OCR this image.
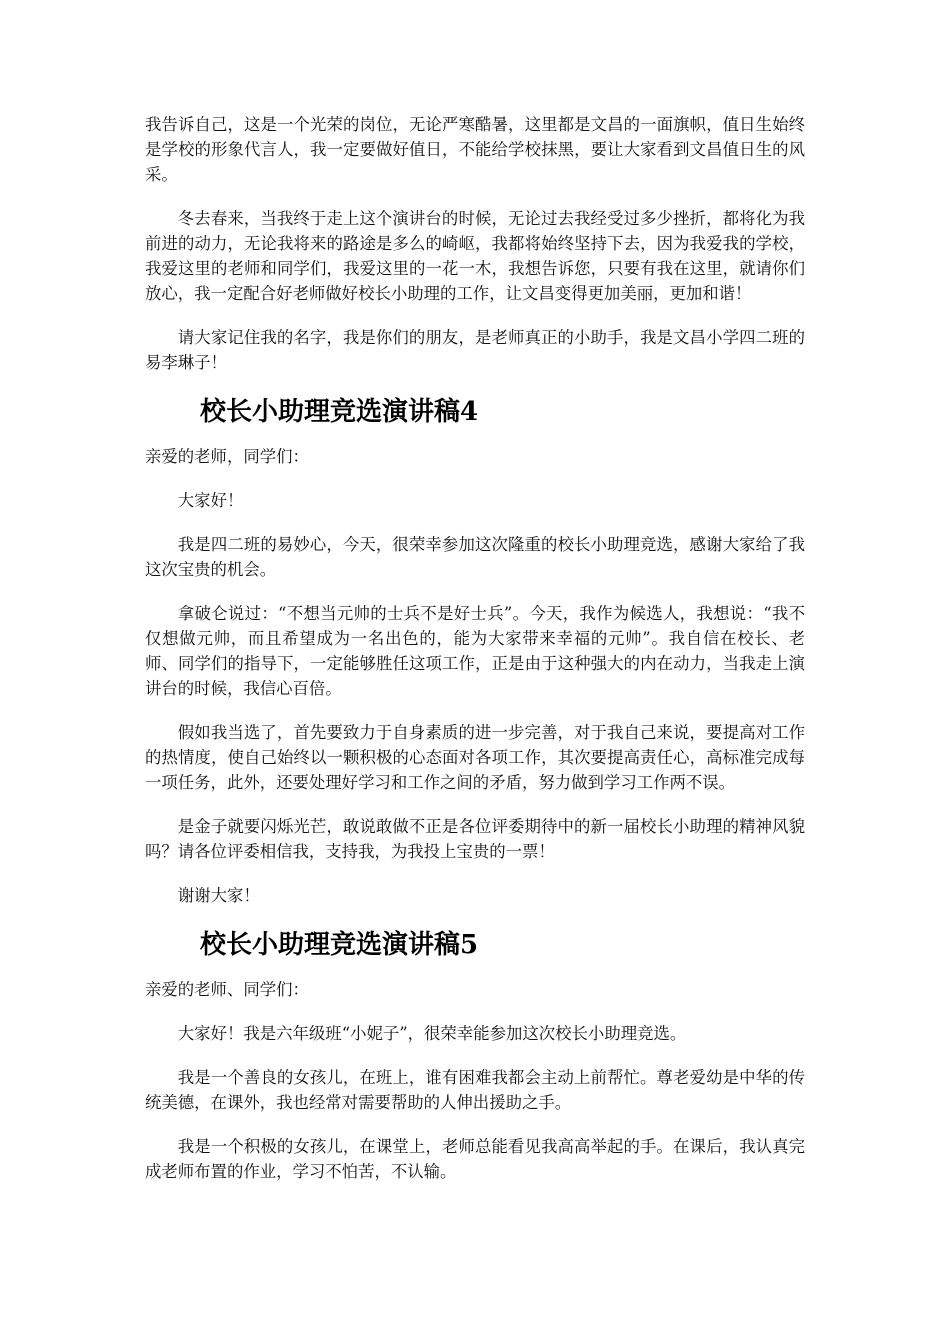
我告诉自己，这是一个光荣的岗位，无论严寒酷暑，这里都是文昌的一面旗帜，值日生始终是学校的形象代言人，我一定要做好值日，不能给学校抹黑，要让大家看到文昌值日生的风采。

冬去春来，当我终于走上这个演讲台的时候，无论过去我经受过多少挫折，都将化为我前进的动力，无论我将来的路途是多么的崎岖，我都将始终坚持下去，因为我爱我的学校，我爱这里的老师和同学们，我爱这里的一花一木，我想告诉您，只要有我在这里，就请你们放心，我一定配合好老师做好校长小助理的工作，让文昌变得更加美丽，更加和谐！

请大家记住我的名字，我是你们的朋友，是老师真正的小助手，我是文昌小学四二班的易李琳子！

校长小助理竞选演讲稿4

亲爱的老师，同学们：

大家好！

我是四二班的易妙心，今天，很荣幸参加这次隆重的校长小助理竞选，感谢大家给了我这次宝贵的机会。

拿破仑说过：“不想当元帅的士兵不是好士兵”。今天，我作为候选人，我想说：“我不仅想做元帅，而且希望成为一名出色的，能为大家带来幸福的元帅”。我自信在校长、老师、同学们的指导下，一定能够胜任这项工作，正是由于这种强大的内在动力，当我走上演讲台的时候，我信心百倍。

假如我当选了，首先要致力于自身素质的进一步完善，对于我自己来说，要提高对工作的热情度，使自己始终以一颗积极的心态面对各项工作，其次要提高责任心，高标准完成每一项任务，此外，还要处理好学习和工作之间的矛盾，努力做到学习工作两不误。

是金子就要闪烁光芒，敢说敢做不正是各位评委期待中的新一届校长小助理的精神风貌吗？请各位评委相信我，支持我，为我投上宝贵的一票！

谢谢大家！

校长小助理竞选演讲稿5

亲爱的老师、同学们：

大家好！我是六年级班“小妮子”，很荣幸能参加这次校长小助理竞选。

我是一个善良的女孩儿，在班上，谁有困难我都会主动上前帮忙。尊老爱幼是中华的传统美德，在课外，我也经常对需要帮助的人伸出援助之手。

我是一个积极的女孩儿，在课堂上，老师总能看见我高高举起的手。在课后，我认真完成老师布置的作业，学习不怕苦，不认输。
